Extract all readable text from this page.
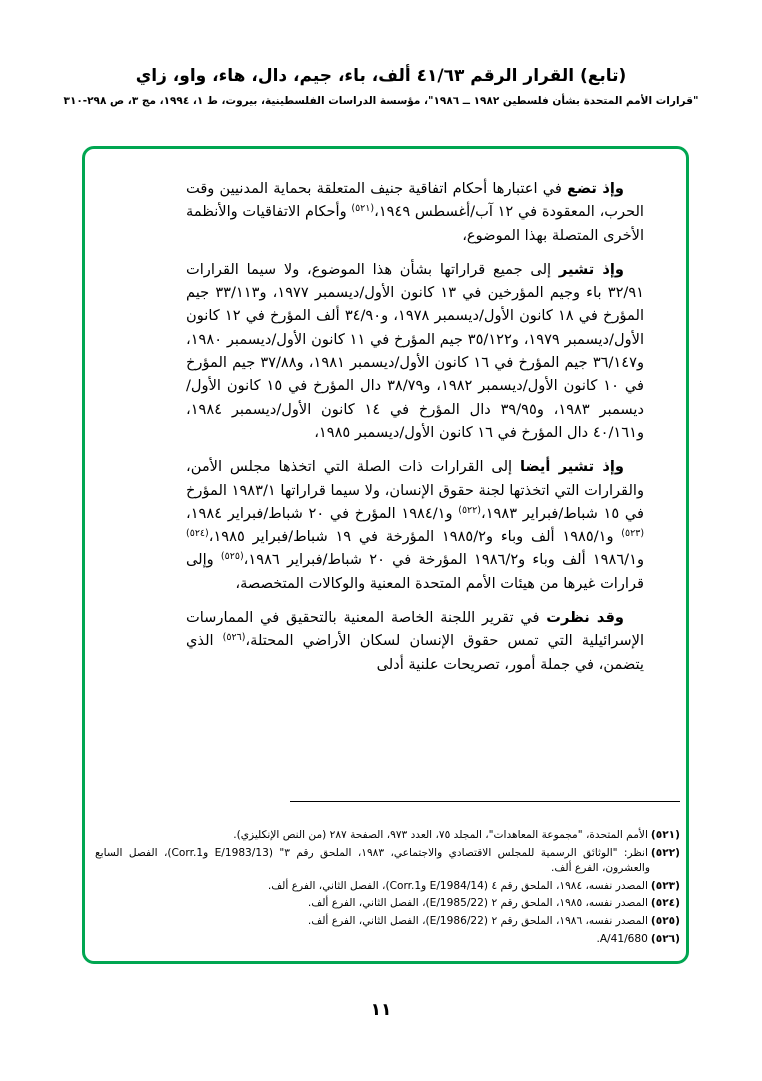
(تابع) القرار الرقم ٤١/٦٣ ألف، باء، جيم، دال، هاء، واو، زاي
"قرارات الأمم المتحدة بشأن فلسطين ١٩٨٢ ــ ١٩٨٦"، مؤسسة الدراسات الفلسطينية، بيروت، ط ١، ١٩٩٤، مج ٣، ص ٢٩٨-٣١٠

وإذ تضع في اعتبارها أحكام اتفاقية جنيف المتعلقة بحماية المدنيين وقت الحرب، المعقودة في ١٢ آب/أغسطس ١٩٤٩،$^{(٥٢١)}$ وأحكام الاتفاقيات والأنظمة الأخرى المتصلة بهذا الموضوع،

وإذ تشير إلى جميع قراراتها بشأن هذا الموضوع، ولا سيما القرارات ٣٢/٩١ باء وجيم المؤرخين في ١٣ كانون الأول/ديسمبر ١٩٧٧، و٣٣/١١٣ جيم المؤرخ في ١٨ كانون الأول/ديسمبر ١٩٧٨، و٣٤/٩٠ ألف المؤرخ في ١٢ كانون الأول/ديسمبر ١٩٧٩، و٣٥/١٢٢ جيم المؤرخ في ١١ كانون الأول/ديسمبر ١٩٨٠، و٣٦/١٤٧ جيم المؤرخ في ١٦ كانون الأول/ديسمبر ١٩٨١، و٣٧/٨٨ جيم المؤرخ في ١٠ كانون الأول/ديسمبر ١٩٨٢، و٣٨/٧٩ دال المؤرخ في ١٥ كانون الأول/ديسمبر ١٩٨٣، و٣٩/٩٥ دال المؤرخ في ١٤ كانون الأول/ديسمبر ١٩٨٤، و٤٠/١٦١ دال المؤرخ في ١٦ كانون الأول/ديسمبر ١٩٨٥،

وإذ تشير أيضا إلى القرارات ذات الصلة التي اتخذها مجلس الأمن، والقرارات التي اتخذتها لجنة حقوق الإنسان، ولا سيما قراراتها ١٩٨٣/١ المؤرخ في ١٥ شباط/فبراير ١٩٨٣،$^{(٥٢٢)}$ و١٩٨٤/١ المؤرخ في ٢٠ شباط/فبراير ١٩٨٤،$^{(٥٢٣)}$ و١٩٨٥/١ ألف وباء و١٩٨٥/٢ المؤرخة في ١٩ شباط/فبراير ١٩٨٥،$^{(٥٢٤)}$ و١٩٨٦/١ ألف وباء و١٩٨٦/٢ المؤرخة في ٢٠ شباط/فبراير ١٩٨٦،$^{(٥٢٥)}$ وإلى قرارات غيرها من هيئات الأمم المتحدة المعنية والوكالات المتخصصة،

وقد نظرت في تقرير اللجنة الخاصة المعنية بالتحقيق في الممارسات الإسرائيلية التي تمس حقوق الإنسان لسكان الأراضي المحتلة،$^{(٥٢٦)}$ الذي يتضمن، في جملة أمور، تصريحات علنية أدلى

(٥٢١)الأمم المتحدة، "مجموعة المعاهدات"، المجلد ٧٥، العدد ٩٧٣، الصفحة ٢٨٧ (من النص الإنكليزي).
(٥٢٢)انظر: "الوثائق الرسمية للمجلس الاقتصادي والاجتماعي، ١٩٨٣، الملحق رقم ٣" (E/1983/13 وCorr.1)، الفصل السابع والعشرون، الفرع ألف.
(٥٢٣)المصدر نفسه، ١٩٨٤، الملحق رقم ٤ (E/1984/14 وCorr.1)، الفصل الثاني، الفرع ألف.
(٥٢٤)المصدر نفسه، ١٩٨٥، الملحق رقم ٢ (E/1985/22)، الفصل الثاني، الفرع ألف.
(٥٢٥)المصدر نفسه، ١٩٨٦، الملحق رقم ٢ (E/1986/22)، الفصل الثاني، الفرع ألف.
(٥٢٦)A/41/680.
١١
